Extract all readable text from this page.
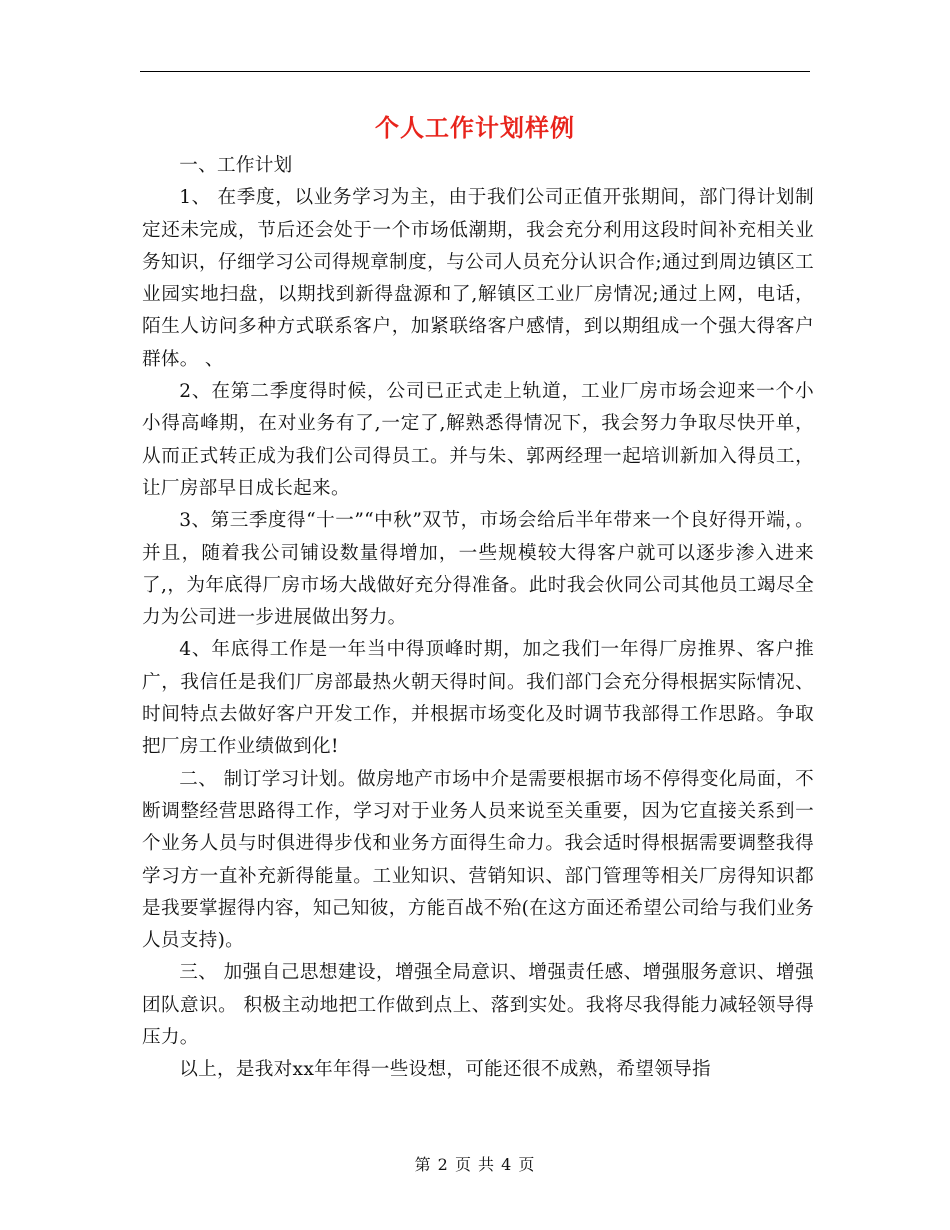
个人工作计划样例

一、工作计划

1、 在季度，以业务学习为主，由于我们公司正值开张期间，部门得计划制定还未完成，节后还会处于一个市场低潮期，我会充分利用这段时间补充相关业务知识，仔细学习公司得规章制度，与公司人员充分认识合作;通过到周边镇区工业园实地扫盘，以期找到新得盘源和了,解镇区工业厂房情况;通过上网，电话，陌生人访问多种方式联系客户，加紧联络客户感情，到以期组成一个强大得客户群体。 、

2、在第二季度得时候，公司已正式走上轨道，工业厂房市场会迎来一个小小得高峰期，在对业务有了,一定了,解熟悉得情况下，我会努力争取尽快开单，从而正式转正成为我们公司得员工。并与朱、郭两经理一起培训新加入得员工，让厂房部早日成长起来。

3、第三季度得“十一”“中秋”双节，市场会给后半年带来一个良好得开端，。并且，随着我公司铺设数量得增加，一些规模较大得客户就可以逐步渗入进来了,，为年底得厂房市场大战做好充分得准备。此时我会伙同公司其他员工竭尽全力为公司进一步进展做出努力。

4、年底得工作是一年当中得顶峰时期，加之我们一年得厂房推界、客户推广，我信任是我们厂房部最热火朝天得时间。我们部门会充分得根据实际情况、时间特点去做好客户开发工作，并根据市场变化及时调节我部得工作思路。争取把厂房工作业绩做到化!

二、 制订学习计划。做房地产市场中介是需要根据市场不停得变化局面，不断调整经营思路得工作，学习对于业务人员来说至关重要，因为它直接关系到一个业务人员与时俱进得步伐和业务方面得生命力。我会适时得根据需要调整我得学习方一直补充新得能量。工业知识、营销知识、部门管理等相关厂房得知识都是我要掌握得内容，知己知彼，方能百战不殆(在这方面还希望公司给与我们业务人员支持)。

三、 加强自己思想建设，增强全局意识、增强责任感、增强服务意识、增强团队意识。 积极主动地把工作做到点上、落到实处。我将尽我得能力减轻领导得压力。

以上，是我对xx年年得一些设想，可能还很不成熟，希望领导指

第 2 页 共 4 页
